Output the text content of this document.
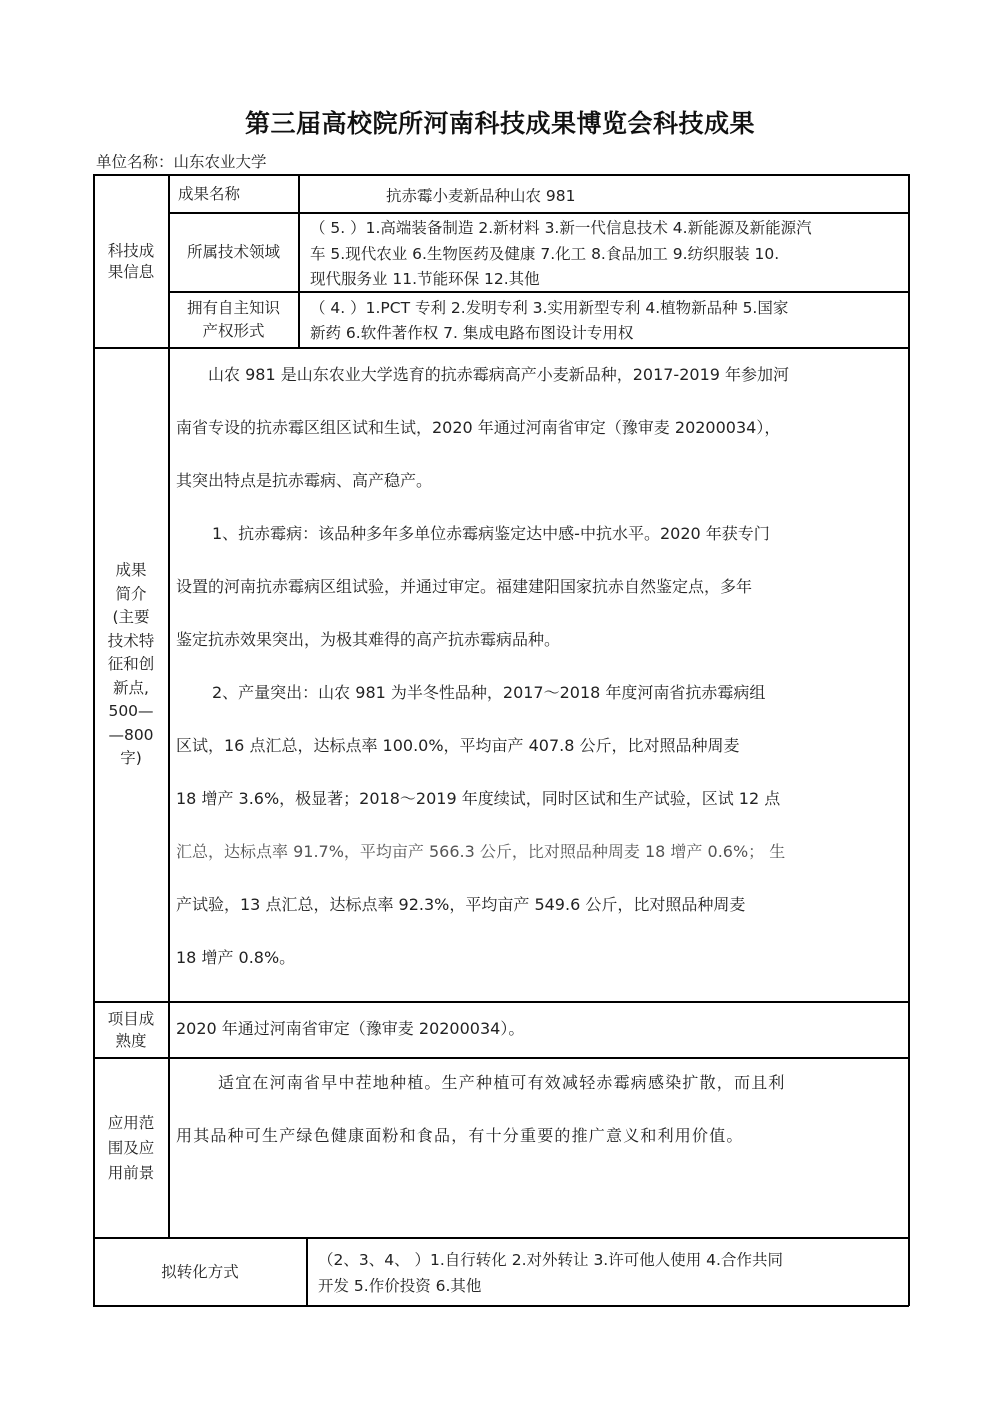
第三届高校院所河南科技成果博览会科技成果
单位名称：山东农业大学
科技成
果信息
成果名称	抗赤霉小麦新品种山农 981
所属技术领域
（ 5. ）1.高端装备制造 2.新材料 3.新一代信息技术 4.新能源及新能源汽
车 5.现代农业 6.生物医药及健康 7.化工 8.食品加工 9.纺织服装 10.
现代服务业 11.节能环保 12.其他
拥有自主知识
产权形式
（ 4. ）1.PCT 专利 2.发明专利 3.实用新型专利 4.植物新品种 5.国家
新药 6.软件著作权 7. 集成电路布图设计专用权
成果
简介
(主要
技术特
征和创
新点,
500—
—800
字)
山农 981 是山东农业大学选育的抗赤霉病高产小麦新品种，2017-2019 年参加河
南省专设的抗赤霉区组区试和生试，2020 年通过河南省审定（豫审麦 20200034），
其突出特点是抗赤霉病、高产稳产。
1、抗赤霉病：该品种多年多单位赤霉病鉴定达中感-中抗水平。2020 年获专门
设置的河南抗赤霉病区组试验，并通过审定。福建建阳国家抗赤自然鉴定点，多年
鉴定抗赤效果突出，为极其难得的高产抗赤霉病品种。
2、产量突出：山农 981 为半冬性品种，2017～2018 年度河南省抗赤霉病组
区试，16 点汇总，达标点率 100.0%，平均亩产 407.8 公斤，比对照品种周麦
18 增产 3.6%，极显著；2018～2019 年度续试，同时区试和生产试验，区试 12 点
汇总，达标点率 91.7%，平均亩产 566.3 公斤，比对照品种周麦 18 增产 0.6%； 生
产试验，13 点汇总，达标点率 92.3%，平均亩产 549.6 公斤，比对照品种周麦
18 增产 0.8%。
项目成
熟度
2020 年通过河南省审定（豫审麦 20200034）。
应用范
围及应
用前景
适宜在河南省早中茬地种植。生产种植可有效减轻赤霉病感染扩散，而且利
用其品种可生产绿色健康面粉和食品，有十分重要的推广意义和利用价值。
拟转化方式
（2、3、4、 ）1.自行转化 2.对外转让 3.许可他人使用 4.合作共同
开发 5.作价投资 6.其他
